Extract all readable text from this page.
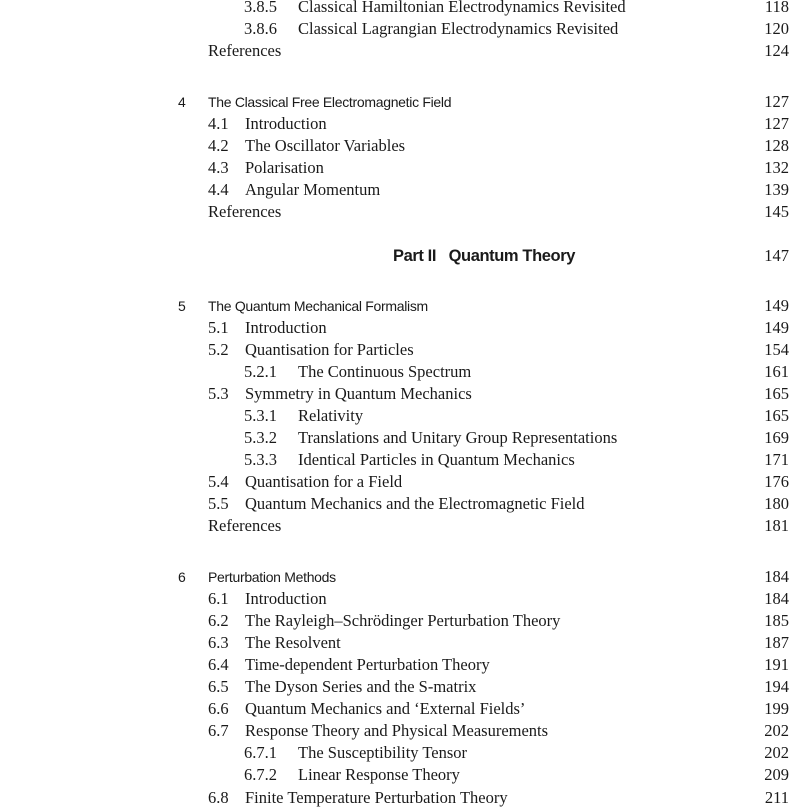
3.8.5 Classical Hamiltonian Electrodynamics Revisited	118
3.8.6 Classical Lagrangian Electrodynamics Revisited	120
References	124
4 The Classical Free Electromagnetic Field	127
4.1 Introduction	127
4.2 The Oscillator Variables	128
4.3 Polarisation	132
4.4 Angular Momentum	139
References	145
Part II   Quantum Theory	147
5 The Quantum Mechanical Formalism	149
5.1 Introduction	149
5.2 Quantisation for Particles	154
5.2.1 The Continuous Spectrum	161
5.3 Symmetry in Quantum Mechanics	165
5.3.1 Relativity	165
5.3.2 Translations and Unitary Group Representations	169
5.3.3 Identical Particles in Quantum Mechanics	171
5.4 Quantisation for a Field	176
5.5 Quantum Mechanics and the Electromagnetic Field	180
References	181
6 Perturbation Methods	184
6.1 Introduction	184
6.2 The Rayleigh–Schrödinger Perturbation Theory	185
6.3 The Resolvent	187
6.4 Time-dependent Perturbation Theory	191
6.5 The Dyson Series and the S-matrix	194
6.6 Quantum Mechanics and ‘External Fields’	199
6.7 Response Theory and Physical Measurements	202
6.7.1 The Susceptibility Tensor	202
6.7.2 Linear Response Theory	209
6.8 Finite Temperature Perturbation Theory	211
